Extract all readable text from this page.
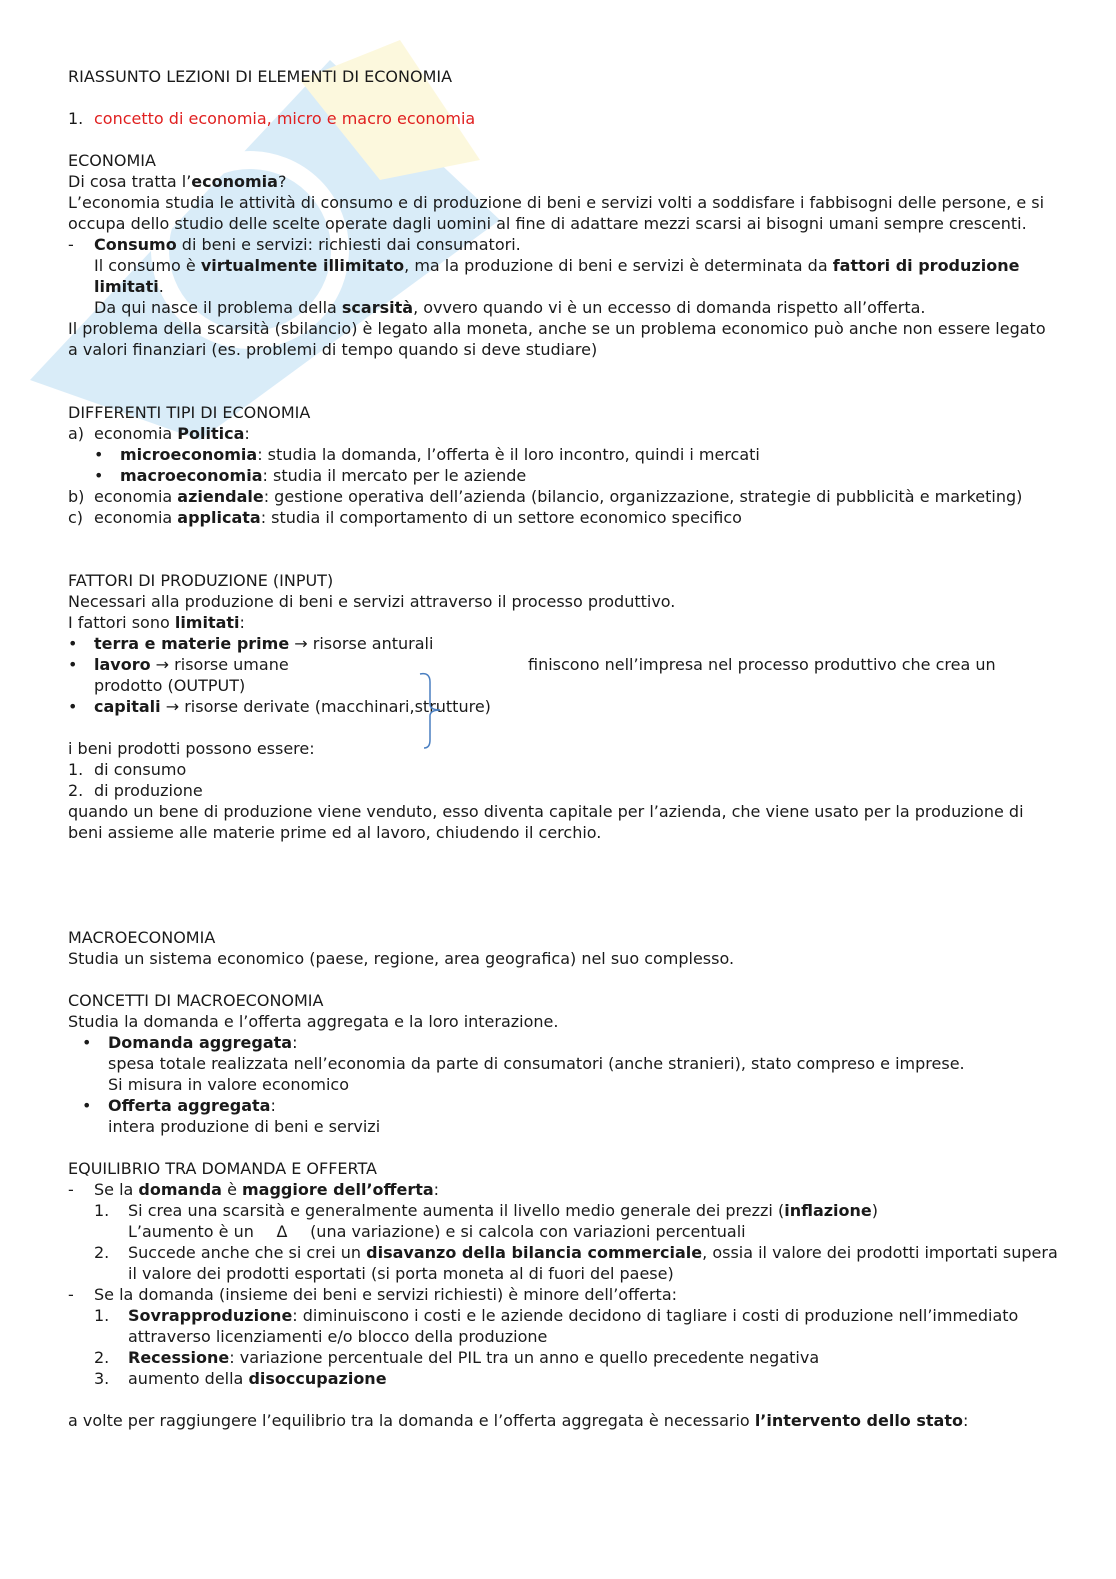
RIASSUNTO LEZIONI DI ELEMENTI DI ECONOMIA
1. concetto di economia, micro e macro economia
ECONOMIA
Di cosa tratta l’economia?
L’economia studia le attività di consumo e di produzione di beni e servizi volti a soddisfare i fabbisogni delle persone, e si occupa dello studio delle scelte operate dagli uomini al fine di adattare mezzi scarsi ai bisogni umani sempre crescenti.
-	Consumo di beni e servizi: richiesti dai consumatori.
Il consumo è virtualmente illimitato, ma la produzione di beni e servizi è determinata da fattori di produzione limitati.
Da qui nasce il problema della scarsità, ovvero quando vi è un eccesso di domanda rispetto all’offerta.
Il problema della scarsità (sbilancio) è legato alla moneta, anche se un problema economico può anche non essere legato a valori finanziari (es. problemi di tempo quando si deve studiare)
DIFFERENTI TIPI DI ECONOMIA
a) economia Politica:
•	microeconomia: studia la domanda, l’offerta è il loro incontro, quindi i mercati
•	macroeconomia: studia il mercato per le aziende
b) economia aziendale: gestione operativa dell’azienda (bilancio, organizzazione, strategie di pubblicità e marketing)
c) economia applicata: studia il comportamento di un settore economico specifico
FATTORI DI PRODUZIONE (INPUT)
Necessari alla produzione di beni e servizi attraverso il processo produttivo.
I fattori sono limitati:
•	terra e materie prime → risorse anturali
•	lavoro → risorse umane	finiscono nell’impresa nel processo produttivo che crea un
prodotto (OUTPUT)
•	capitali → risorse derivate (macchinari,strutture)
i beni prodotti possono essere:
1. di consumo
2. di produzione
quando un bene di produzione viene venduto, esso diventa capitale per l’azienda, che viene usato per la produzione di beni assieme alle materie prime ed al lavoro, chiudendo il cerchio.
MACROECONOMIA
Studia un sistema economico (paese, regione, area geografica) nel suo complesso.
CONCETTI DI MACROECONOMIA
Studia la domanda e l’offerta aggregata e la loro interazione.
•	Domanda aggregata:
spesa totale realizzata nell’economia da parte di consumatori (anche stranieri), stato compreso e imprese.
Si misura in valore economico
•	Offerta aggregata:
intera produzione di beni e servizi
EQUILIBRIO TRA DOMANDA E OFFERTA
-	Se la domanda è maggiore dell’offerta:
1.	Si crea una scarsità e generalmente aumenta il livello medio generale dei prezzi (inflazione)
L’aumento è un Δ (una variazione) e si calcola con variazioni percentuali
2.	Succede anche che si crei un disavanzo della bilancia commerciale, ossia il valore dei prodotti importati supera il valore dei prodotti esportati (si porta moneta al di fuori del paese)
-	Se la domanda (insieme dei beni e servizi richiesti) è minore dell’offerta:
1.	Sovrapproduzione: diminuiscono i costi e le aziende decidono di tagliare i costi di produzione nell’immediato attraverso licenziamenti e/o blocco della produzione
2.	Recessione: variazione percentuale del PIL tra un anno e quello precedente negativa
3.	aumento della disoccupazione
a volte per raggiungere l’equilibrio tra la domanda e l’offerta aggregata è necessario l’intervento dello stato:
